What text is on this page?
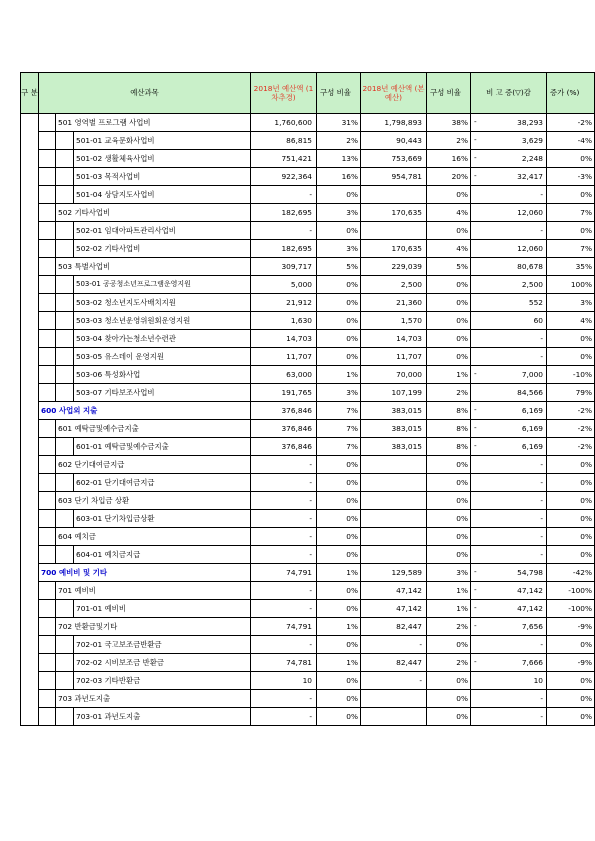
구 분	예산과목			2018년 예산액 (1차추경)	구성 비율	2018년 예산액 (본예산)	구성 비율	비 고 증(▽)감	증가 (%)
		501 영역별 프로그램 사업비		1,760,600	31%	1,798,893	38%	- 38,293	-2%
			501-01 교육문화사업비	86,815	2%	90,443	2%	- 3,629	-4%
			501-02 생활체육사업비	751,421	13%	753,669	16%	- 2,248	0%
			501-03 목적사업비	922,364	16%	954,781	20%	- 32,417	-3%
			501-04 상담지도사업비	-	0%		0%	-	0%
		502 기타사업비		182,695	3%	170,635	4%	12,060	7%
			502-01 임대아파트관리사업비	-	0%		0%	-	0%
			502-02 기타사업비	182,695	3%	170,635	4%	12,060	7%
		503 특별사업비		309,717	5%	229,039	5%	80,678	35%
			503-01 공공청소년프로그램운영지원	5,000	0%	2,500	0%	2,500	100%
			503-02 청소년지도사배치지원	21,912	0%	21,360	0%	552	3%
			503-03 청소년운영위원회운영지원	1,630	0%	1,570	0%	60	4%
			503-04 찾아가는청소년수련관	14,703	0%	14,703	0%	-	0%
			503-05 유스데이 운영지원	11,707	0%	11,707	0%	-	0%
			503-06 특성화사업	63,000	1%	70,000	1%	- 7,000	-10%
			503-07 기타보조사업비	191,765	3%	107,199	2%	84,566	79%
	600 사업외 지출			376,846	7%	383,015	8%	- 6,169	-2%
		601 예탁금및예수금지출		376,846	7%	383,015	8%	- 6,169	-2%
			601-01 예탁금및예수금지출	376,846	7%	383,015	8%	- 6,169	-2%
		602 단기대여금지급		-	0%		0%	-	0%
			602-01 단기대여금지급	-	0%		0%	-	0%
		603 단기 차입금 상환		-	0%		0%	-	0%
			603-01 단기차입금상환	-	0%		0%	-	0%
		604 예치금		-	0%		0%	-	0%
			604-01 예치금지급	-	0%		0%	-	0%
	700 예비비 및 기타			74,791	1%	129,589	3%	- 54,798	-42%
		701 예비비		-	0%	47,142	1%	- 47,142	-100%
			701-01 예비비	-	0%	47,142	1%	- 47,142	-100%
		702 반환금및기타		74,791	1%	82,447	2%	- 7,656	-9%
			702-01 국고보조금반환금	-	0%	-	0%	-	0%
			702-02 시비보조금 반환금	74,781	1%	82,447	2%	- 7,666	-9%
			702-03 기타반환금	10	0%	-	0%	10	0%
		703 과년도지출		-	0%		0%	-	0%
			703-01 과년도지출	-	0%		0%	-	0%
